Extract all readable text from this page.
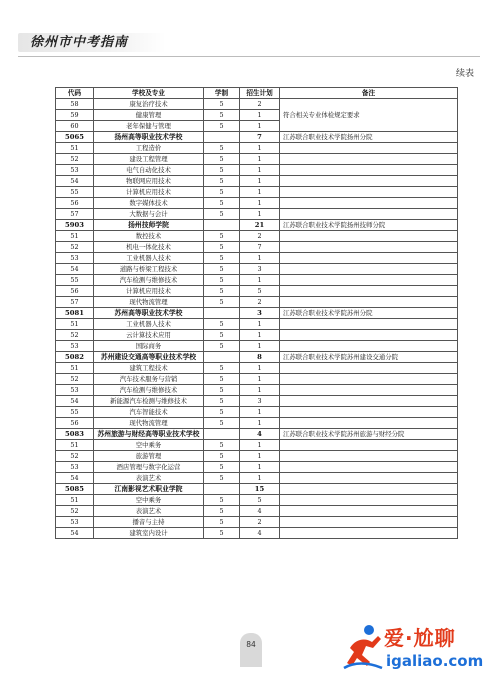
徐州市中考指南
续表
代码	学校及专业	学制	招生计划	备注
58	康复治疗技术	5	2	符合相关专业体检规定要求
59	健康管理	5	1	
60	老年保健与管理	5	1	
5065	扬州高等职业技术学校		7	江苏联合职业技术学院扬州分院
51	工程造价	5	1	
52	建设工程管理	5	1	
53	电气自动化技术	5	1	
54	物联网应用技术	5	1	
55	计算机应用技术	5	1	
56	数字媒体技术	5	1	
57	大数据与会计	5	1	
5903	扬州技师学院		21	江苏联合职业技术学院扬州技师分院
51	数控技术	5	2	
52	机电一体化技术	5	7	
53	工业机器人技术	5	1	
54	道路与桥梁工程技术	5	3	
55	汽车检测与维修技术	5	1	
56	计算机应用技术	5	5	
57	现代物流管理	5	2	
5081	苏州高等职业技术学校		3	江苏联合职业技术学院苏州分院
51	工业机器人技术	5	1	
52	云计算技术应用	5	1	
53	国际商务	5	1	
5082	苏州建设交通高等职业技术学校		8	江苏联合职业技术学院苏州建设交通分院
51	建筑工程技术	5	1	
52	汽车技术服务与营销	5	1	
53	汽车检测与维修技术	5	1	
54	新能源汽车检测与维修技术	5	3	
55	汽车智能技术	5	1	
56	现代物流管理	5	1	
5083	苏州旅游与财经高等职业技术学校		4	江苏联合职业技术学院苏州旅游与财经分院
51	空中乘务	5	1	
52	旅游管理	5	1	
53	酒店管理与数字化运营	5	1	
54	表演艺术	5	1	
5085	江南影视艺术职业学院		15	
51	空中乘务	5	5	
52	表演艺术	5	4	
53	播音与主持	5	2	
54	建筑室内设计	5	4	
84	爱·尬聊
igaliao.com
